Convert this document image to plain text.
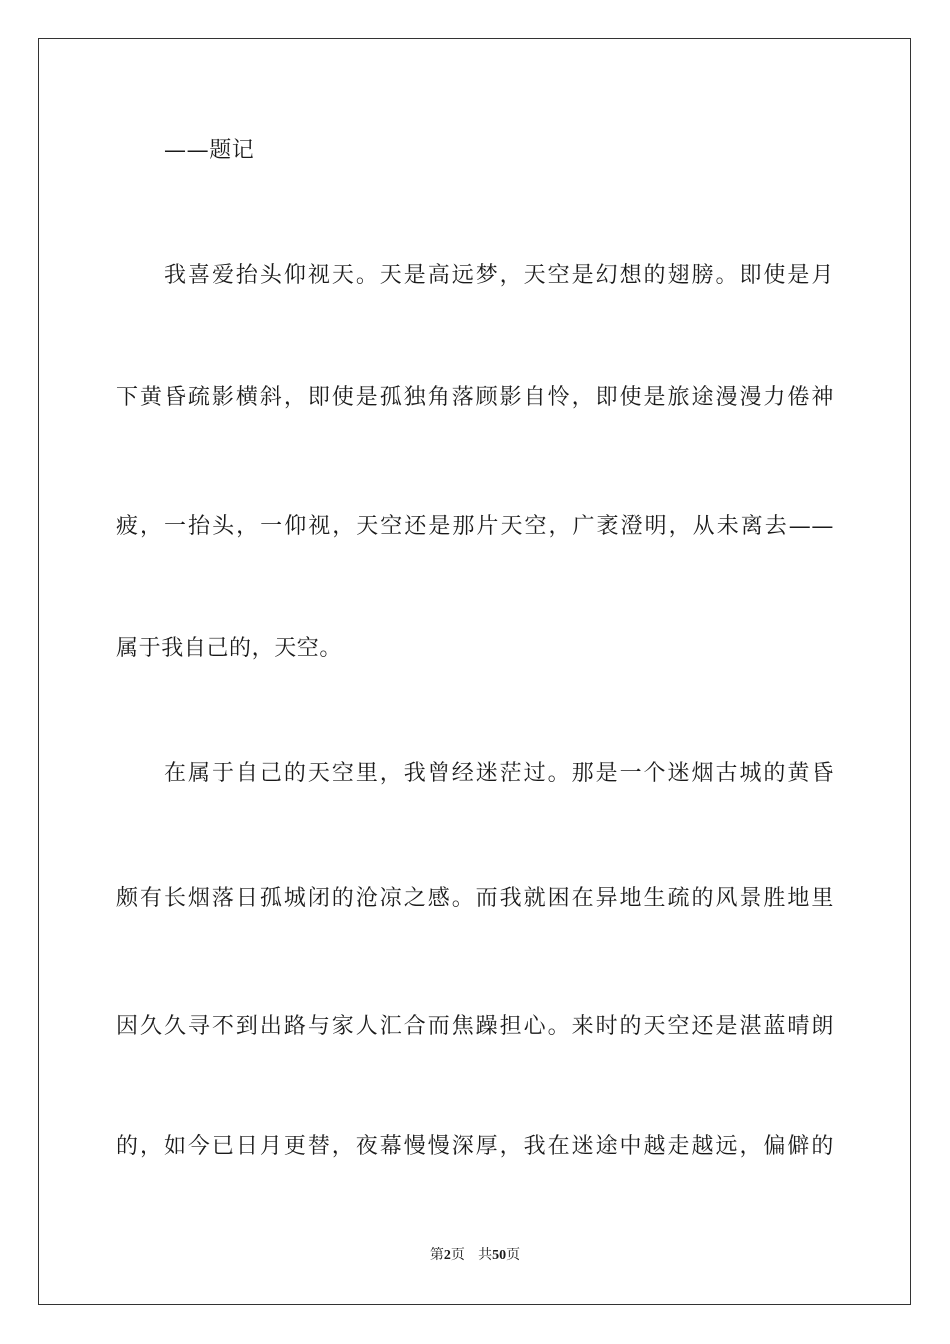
——题记
我喜爱抬头仰视天。天是高远梦，天空是幻想的翅膀。即使是月
下黄昏疏影横斜，即使是孤独角落顾影自怜，即使是旅途漫漫力倦神
疲，一抬头，一仰视，天空还是那片天空，广袤澄明，从未离去——
属于我自己的，天空。
在属于自己的天空里，我曾经迷茫过。那是一个迷烟古城的黄昏
颇有长烟落日孤城闭的沧凉之感。而我就困在异地生疏的风景胜地里
因久久寻不到出路与家人汇合而焦躁担心。来时的天空还是湛蓝晴朗
的，如今已日月更替，夜幕慢慢深厚，我在迷途中越走越远，偏僻的
第2页 共50页
